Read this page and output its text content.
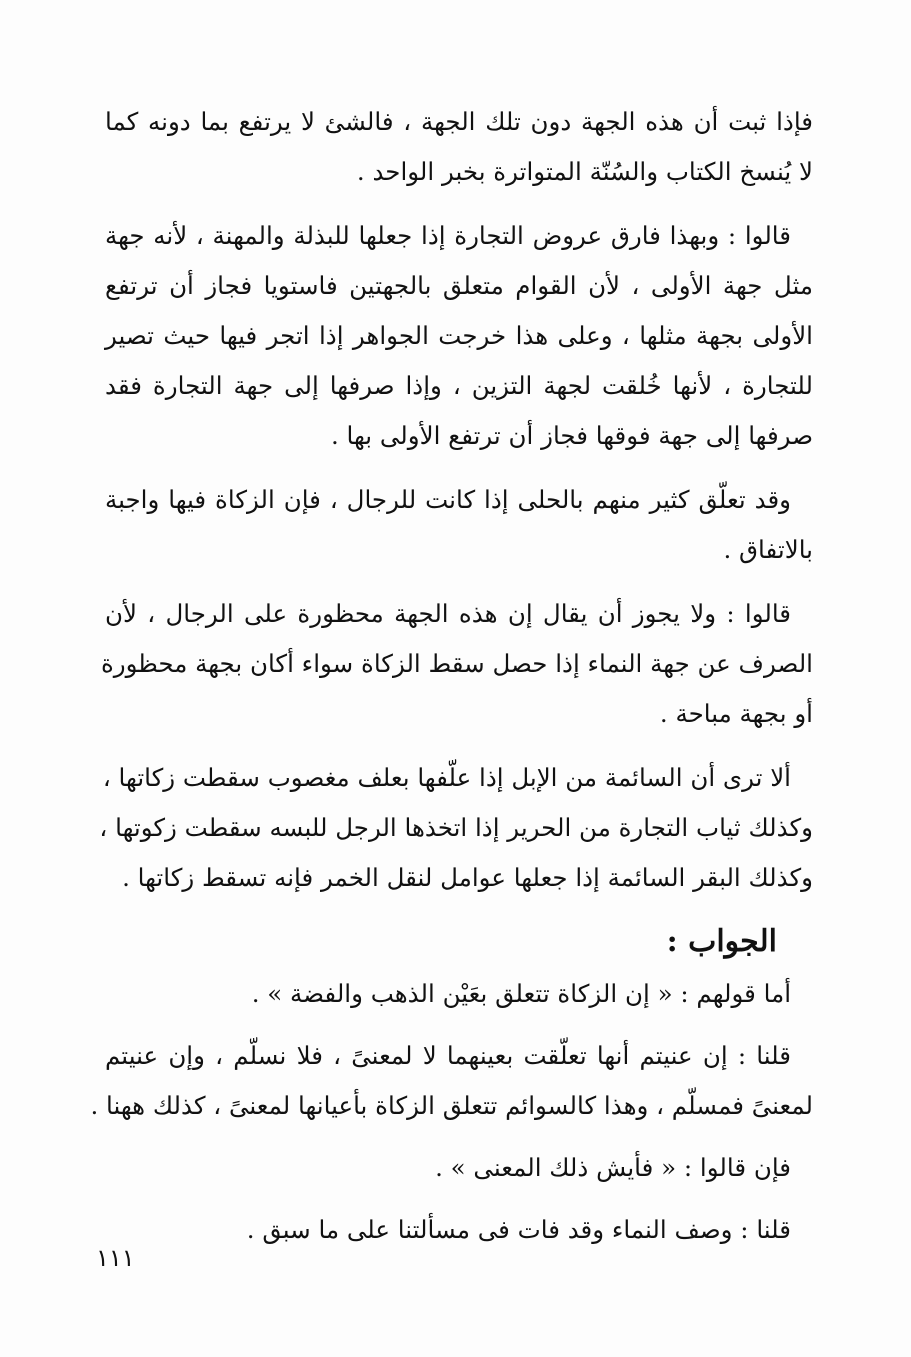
فإذا ثبت أن هذه الجهة دون تلك الجهة ، فالشئ لا يرتفع بما دونه كما
لا يُنسخ الكتاب والسُنّة المتواترة بخبر الواحد .

قالوا : وبهذا فارق عروض التجارة إذا جعلها للبذلة والمهنة ، لأنه جهة
مثل جهة الأولى ، لأن القوام متعلق بالجهتين فاستويا فجاز أن ترتفع
الأولى بجهة مثلها ، وعلى هذا خرجت الجواهر إذا اتجر فيها حيث تصير
للتجارة ، لأنها خُلقت لجهة التزين ، وإذا صرفها إلى جهة التجارة فقد
صرفها إلى جهة فوقها فجاز أن ترتفع الأولى بها .

وقد تعلّق كثير منهم بالحلى إذا كانت للرجال ، فإن الزكاة فيها واجبة
بالاتفاق .

قالوا : ولا يجوز أن يقال إن هذه الجهة محظورة على الرجال ، لأن
الصرف عن جهة النماء إذا حصل سقط الزكاة سواء أكان بجهة محظورة
أو بجهة مباحة .

ألا ترى أن السائمة من الإبل إذا علّفها بعلف مغصوب سقطت زكاتها ،
وكذلك ثياب التجارة من الحرير إذا اتخذها الرجل للبسه سقطت زكوتها ،
وكذلك البقر السائمة إذا جعلها عوامل لنقل الخمر فإنه تسقط زكاتها .

الجواب :

أما قولهم : « إن الزكاة تتعلق بعَيْن الذهب والفضة » .

قلنا : إن عنيتم أنها تعلّقت بعينهما لا لمعنىً ، فلا نسلّم ، وإن عنيتم
لمعنىً فمسلّم ، وهذا كالسوائم تتعلق الزكاة بأعيانها لمعنىً ، كذلك ههنا .

فإن قالوا : « فأيش ذلك المعنى » .

قلنا : وصف النماء وقد فات فى مسألتنا على ما سبق .

١١١
